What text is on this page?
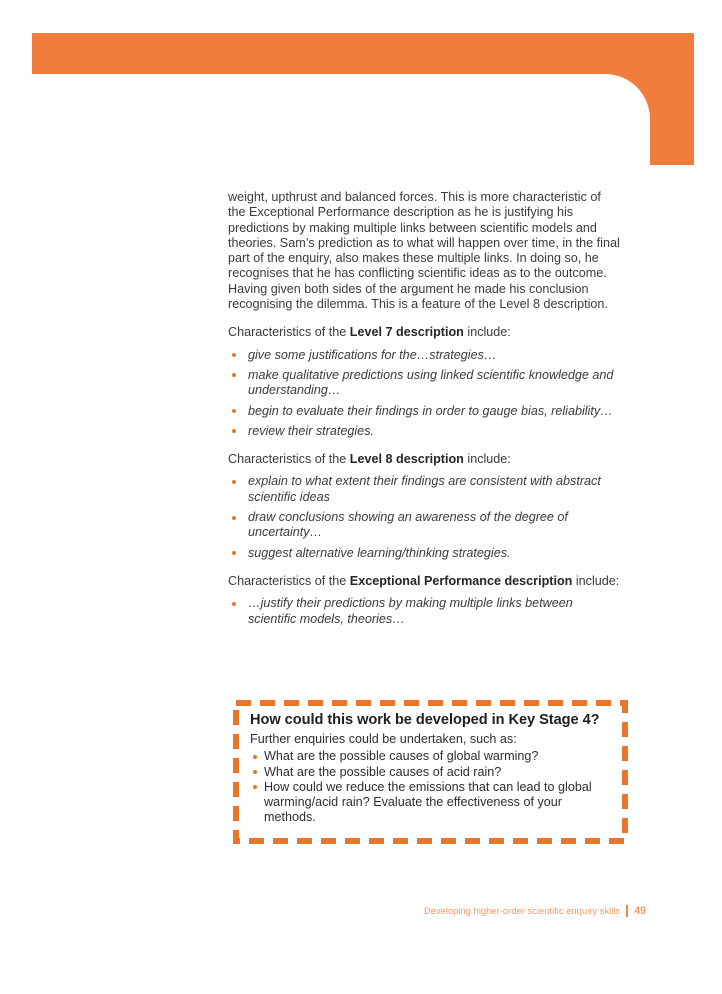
weight, upthrust and balanced forces. This is more characteristic of the Exceptional Performance description as he is justifying his predictions by making multiple links between scientific models and theories. Sam’s prediction as to what will happen over time, in the final part of the enquiry, also makes these multiple links. In doing so, he recognises that he has conflicting scientific ideas as to the outcome. Having given both sides of the argument he made his conclusion recognising the dilemma. This is a feature of the Level 8 description.

Characteristics of the Level 7 description include:

give some justifications for the…strategies…
make qualitative predictions using linked scientific knowledge and understanding…
begin to evaluate their findings in order to gauge bias, reliability…
review their strategies.

Characteristics of the Level 8 description include:

explain to what extent their findings are consistent with abstract scientific ideas
draw conclusions showing an awareness of the degree of uncertainty…
suggest alternative learning/thinking strategies.

Characteristics of the Exceptional Performance description include:

…justify their predictions by making multiple links between scientific models, theories…
How could this work be developed in Key Stage 4?

Further enquiries could be undertaken, such as:

What are the possible causes of global warming?
What are the possible causes of acid rain?
How could we reduce the emissions that can lead to global warming/acid rain? Evaluate the effectiveness of your methods.
Developing higher-order scientific enquiry skills 49
